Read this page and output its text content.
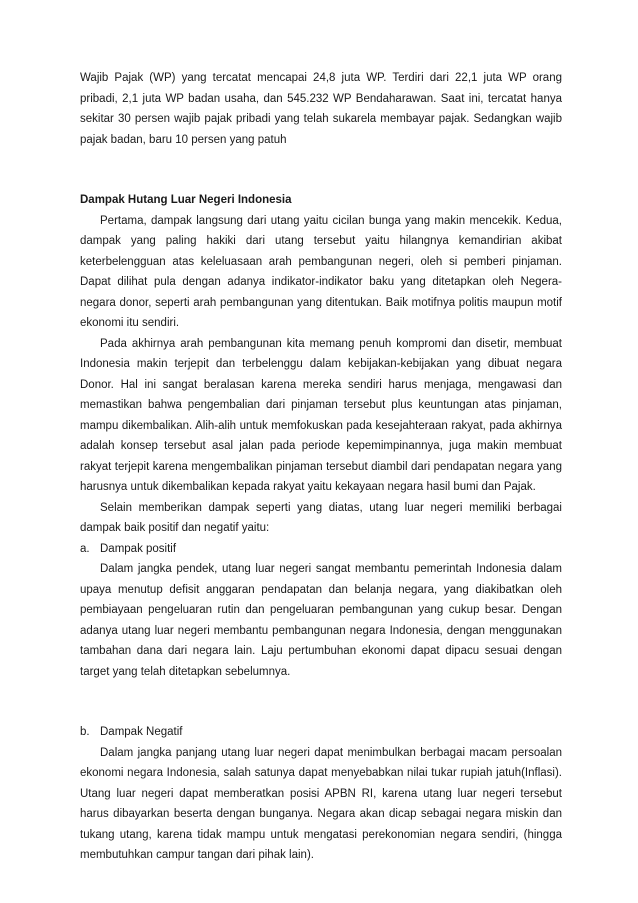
Wajib Pajak (WP) yang tercatat mencapai 24,8 juta WP. Terdiri dari 22,1 juta WP orang pribadi, 2,1 juta WP badan usaha, dan 545.232 WP Bendaharawan. Saat ini, tercatat hanya sekitar 30 persen wajib pajak pribadi yang telah sukarela membayar pajak. Sedangkan wajib pajak badan, baru 10 persen yang patuh

Dampak Hutang Luar Negeri Indonesia

Pertama, dampak langsung dari utang yaitu cicilan bunga yang makin mencekik. Kedua, dampak yang paling hakiki dari utang tersebut yaitu hilangnya kemandirian akibat keterbelengguan atas keleluasaan arah pembangunan negeri, oleh si pemberi pinjaman. Dapat dilihat pula dengan adanya indikator-indikator baku yang ditetapkan oleh Negera-negara donor, seperti arah pembangunan yang ditentukan. Baik motifnya politis maupun motif ekonomi itu sendiri.

Pada akhirnya arah pembangunan kita memang penuh kompromi dan disetir, membuat Indonesia makin terjepit dan terbelenggu dalam kebijakan-kebijakan yang dibuat negara Donor. Hal ini sangat beralasan karena mereka sendiri harus menjaga, mengawasi dan memastikan bahwa pengembalian dari pinjaman tersebut plus keuntungan atas pinjaman, mampu dikembalikan. Alih-alih untuk memfokuskan pada kesejahteraan rakyat, pada akhirnya adalah konsep tersebut asal jalan pada periode kepemimpinannya, juga makin membuat rakyat terjepit karena mengembalikan pinjaman tersebut diambil dari pendapatan negara yang harusnya untuk dikembalikan kepada rakyat yaitu kekayaan negara hasil bumi dan Pajak.

Selain memberikan dampak seperti yang diatas, utang luar negeri memiliki berbagai dampak baik positif dan negatif yaitu:

a. Dampak positif

Dalam jangka pendek, utang luar negeri sangat membantu pemerintah Indonesia dalam upaya menutup defisit anggaran pendapatan dan belanja negara, yang diakibatkan oleh pembiayaan pengeluaran rutin dan pengeluaran pembangunan yang cukup besar. Dengan adanya utang luar negeri membantu pembangunan negara Indonesia, dengan menggunakan tambahan dana dari negara lain. Laju pertumbuhan ekonomi dapat dipacu sesuai dengan target yang telah ditetapkan sebelumnya.

b. Dampak Negatif

Dalam jangka panjang utang luar negeri dapat menimbulkan berbagai macam persoalan ekonomi negara Indonesia, salah satunya dapat menyebabkan nilai tukar rupiah jatuh(Inflasi). Utang luar negeri dapat memberatkan posisi APBN RI, karena utang luar negeri tersebut harus dibayarkan beserta dengan bunganya. Negara akan dicap sebagai negara miskin dan tukang utang, karena tidak mampu untuk mengatasi perekonomian negara sendiri, (hingga membutuhkan campur tangan dari pihak lain).
